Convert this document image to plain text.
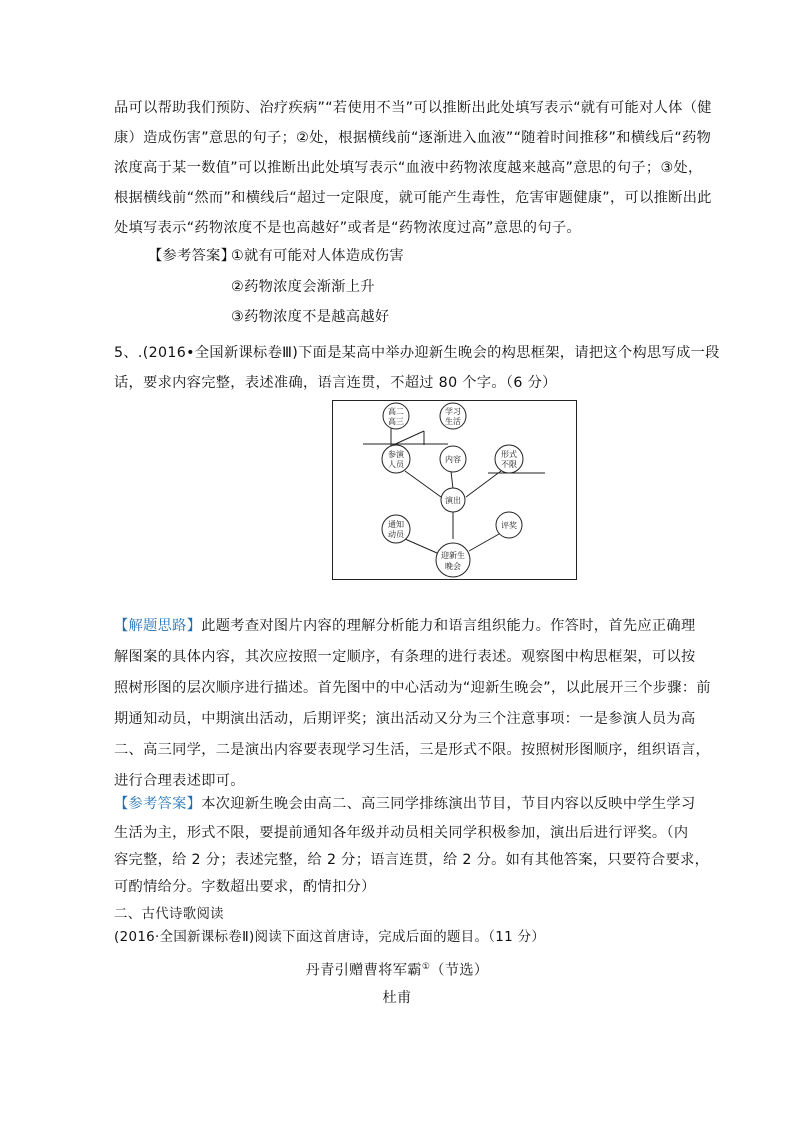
品可以帮助我们预防、治疗疾病”“若使用不当”可以推断出此处填写表示“就有可能对人体（健
康）造成伤害”意思的句子；②处，根据横线前“逐渐进入血液”“随着时间推移”和横线后“药物
浓度高于某一数值”可以推断出此处填写表示“血液中药物浓度越来越高”意思的句子；③处，
根据横线前“然而”和横线后“超过一定限度，就可能产生毒性，危害审题健康”，可以推断出此
处填写表示“药物浓度不是也高越好”或者是“药物浓度过高”意思的句子。
【参考答案】
①就有可能对人体造成伤害
②药物浓度会渐渐上升
③药物浓度不是越高越好
5、.(2016•全国新课标卷Ⅲ)下面是某高中举办迎新生晚会的构思框架，请把这个构思写成一段
话，要求内容完整，表述准确，语言连贯，不超过 80 个字。（6 分）
高二
高三
学习
生活
参演
人员
内容
形式
不限
演出
通知
动员
评奖
迎新生
晚会
【解题思路】此题考查对图片内容的理解分析能力和语言组织能力。作答时，首先应正确理
解图案的具体内容，其次应按照一定顺序，有条理的进行表述。观察图中构思框架，可以按
照树形图的层次顺序进行描述。首先图中的中心活动为“迎新生晚会”，以此展开三个步骤：前
期通知动员，中期演出活动，后期评奖；演出活动又分为三个注意事项：一是参演人员为高
二、高三同学，二是演出内容要表现学习生活，三是形式不限。按照树形图顺序，组织语言，
进行合理表述即可。
【参考答案】本次迎新生晚会由高二、高三同学排练演出节目，节目内容以反映中学生学习
生活为主，形式不限，要提前通知各年级并动员相关同学积极参加，演出后进行评奖。（内
容完整，给 2 分；表述完整，给 2 分；语言连贯，给 2 分。如有其他答案，只要符合要求，
可酌情给分。字数超出要求，酌情扣分）
二、古代诗歌阅读
(2016·全国新课标卷Ⅱ)阅读下面这首唐诗，完成后面的题目。（11 分）
丹青引赠曹将军霸①（节选）
杜甫
